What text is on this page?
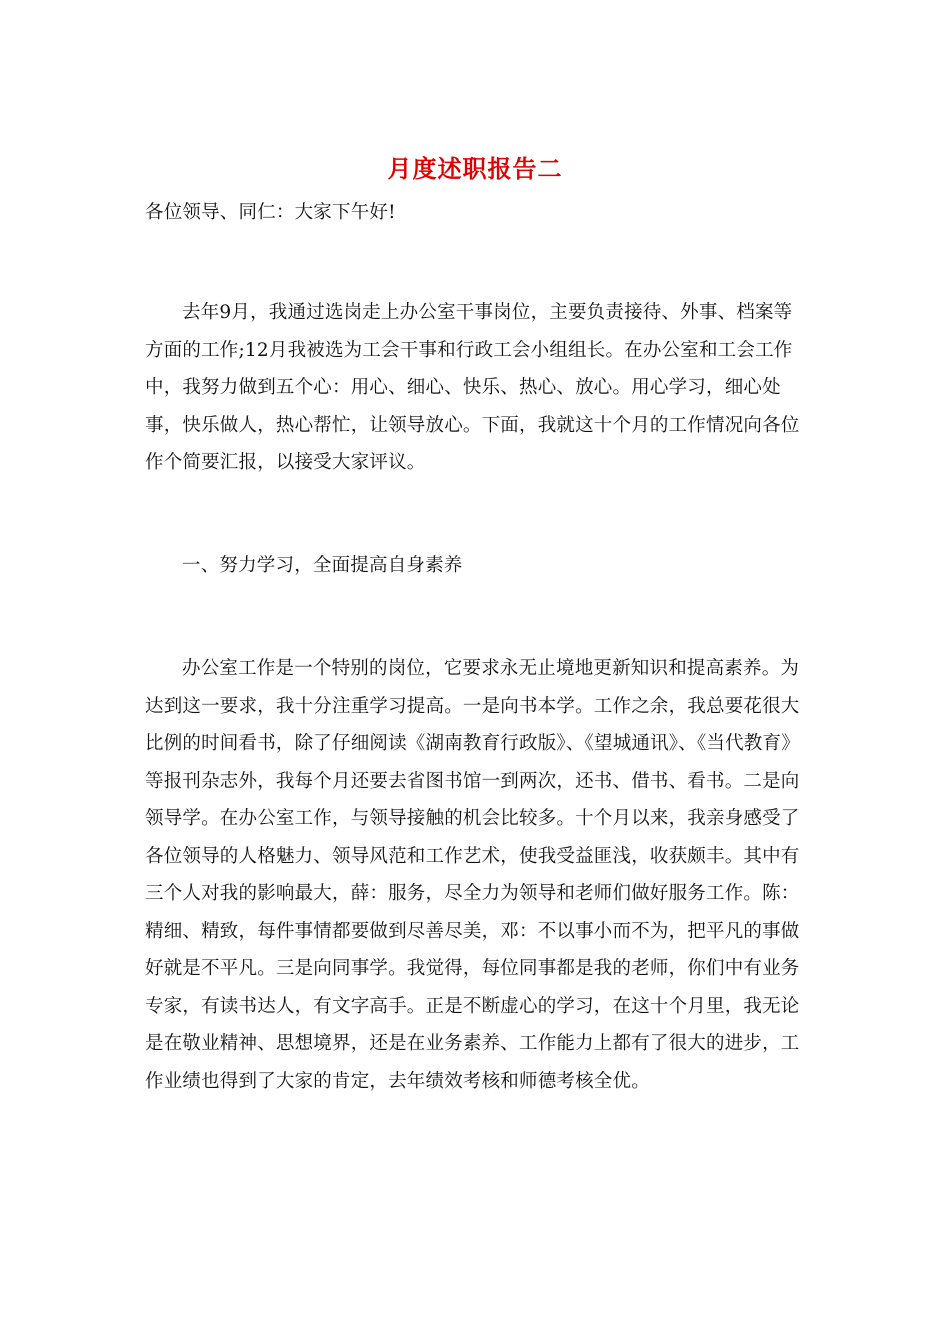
月度述职报告二
各位领导、同仁：大家下午好!

去年9月，我通过选岗走上办公室干事岗位，主要负责接待、外事、档案等方面的工作;12月我被选为工会干事和行政工会小组组长。在办公室和工会工作中，我努力做到五个心：用心、细心、快乐、热心、放心。用心学习，细心处事，快乐做人，热心帮忙，让领导放心。下面，我就这十个月的工作情况向各位作个简要汇报，以接受大家评议。

一、努力学习，全面提高自身素养

办公室工作是一个特别的岗位，它要求永无止境地更新知识和提高素养。为达到这一要求，我十分注重学习提高。一是向书本学。工作之余，我总要花很大比例的时间看书，除了仔细阅读《湖南教育行政版》、《望城通讯》、《当代教育》等报刊杂志外，我每个月还要去省图书馆一到两次，还书、借书、看书。二是向领导学。在办公室工作，与领导接触的机会比较多。十个月以来，我亲身感受了各位领导的人格魅力、领导风范和工作艺术，使我受益匪浅，收获颇丰。其中有三个人对我的影响最大，薛：服务，尽全力为领导和老师们做好服务工作。陈：精细、精致，每件事情都要做到尽善尽美，邓：不以事小而不为，把平凡的事做好就是不平凡。三是向同事学。我觉得，每位同事都是我的老师，你们中有业务专家，有读书达人，有文字高手。正是不断虚心的学习，在这十个月里，我无论是在敬业精神、思想境界，还是在业务素养、工作能力上都有了很大的进步，工作业绩也得到了大家的肯定，去年绩效考核和师德考核全优。
